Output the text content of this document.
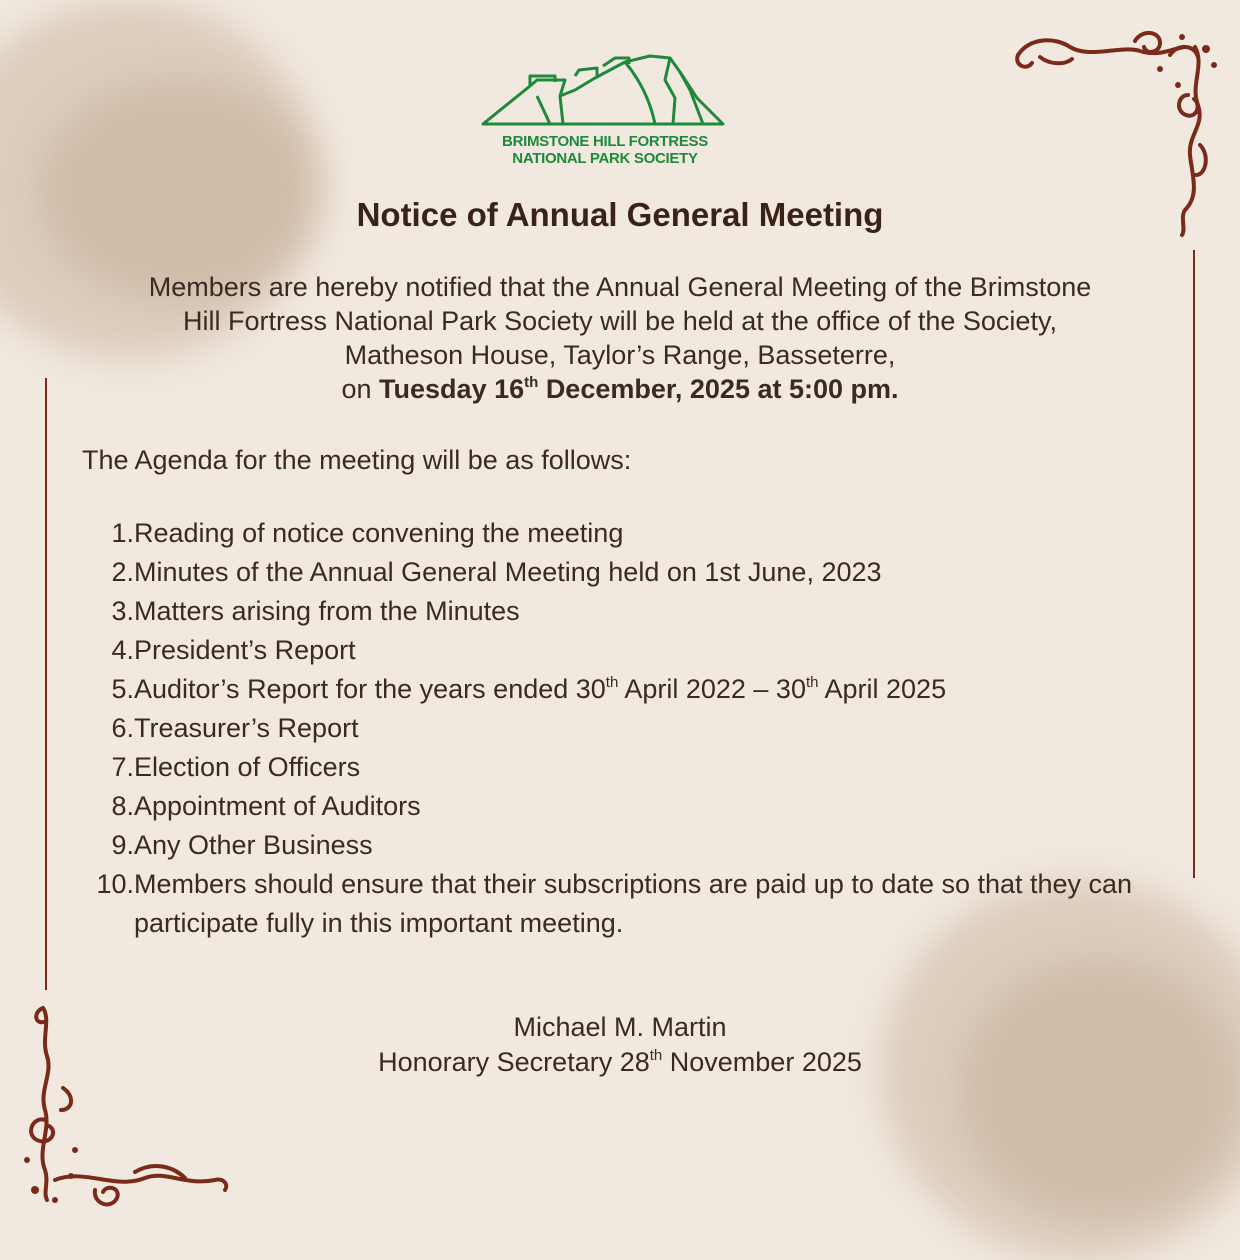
BRIMSTONE HILL FORTRESS
NATIONAL PARK SOCIETY
Notice of Annual General Meeting
Members are hereby notified that the Annual General Meeting of the Brimstone
Hill Fortress National Park Society will be held at the office of the Society,
Matheson House, Taylor’s Range, Basseterre,
on Tuesday 16th December, 2025 at 5:00 pm.
The Agenda for the meeting will be as follows:
1. Reading of notice convening the meeting
2. Minutes of the Annual General Meeting held on 1st June, 2023
3. Matters arising from the Minutes
4. President’s Report
5. Auditor’s Report for the years ended 30th April 2022 – 30th April 2025
6. Treasurer’s Report
7. Election of Officers
8. Appointment of Auditors
9. Any Other Business
10. Members should ensure that their subscriptions are paid up to date so that they can participate fully in this important meeting.
Michael M. Martin
Honorary Secretary 28th November 2025
